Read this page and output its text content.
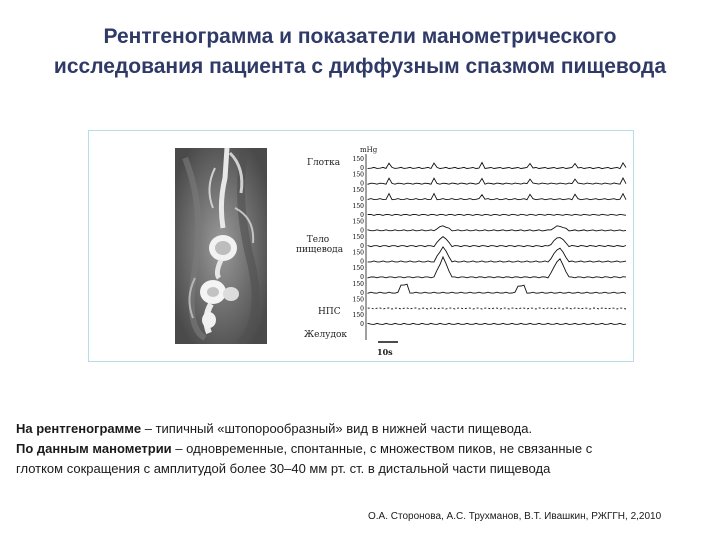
Рентгенограмма и показатели манометрического
исследования пациента с диффузным спазмом пищевода
mHg
Глотка
Тело
пищевода
НПС
Желудок
150
0
150
0
150
0
150
0
150
0
150
0
150
0
150
0
150
0
150
0
150
0
10s
На рентгенограмме – типичный «штопорообразный» вид в нижней части пищевода.
По данным манометрии – одновременные, спонтанные, с множеством пиков, не связанные с
глотком сокращения с амплитудой более 30–40 мм рт. ст. в дистальной части пищевода
О.А. Сторонова, А.С. Трухманов, В.Т. Ивашкин, РЖГГН, 2,2010
